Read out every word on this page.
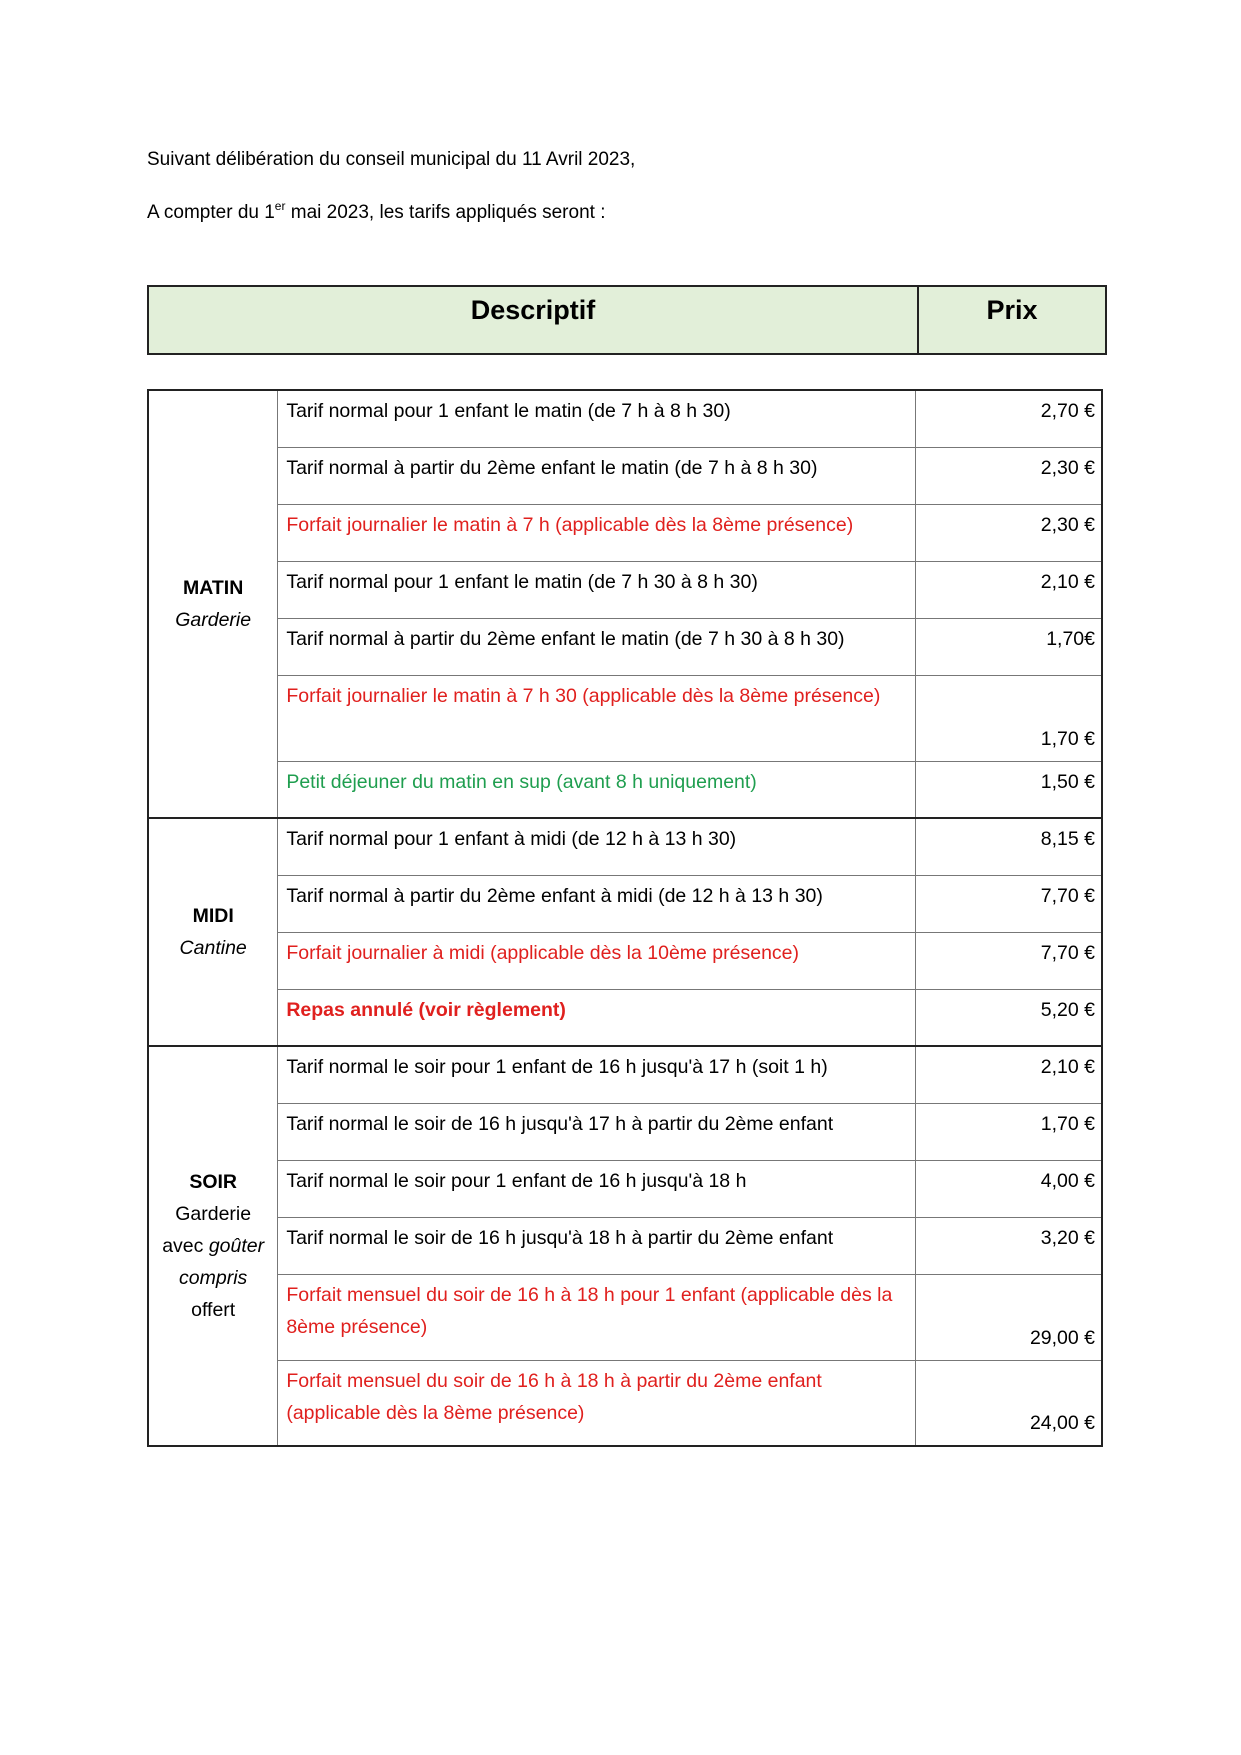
Suivant délibération du conseil municipal du 11 Avril 2023,
A compter du 1er mai 2023, les tarifs appliqués seront :
Descriptif	Prix
MATIN
Garderie	Tarif normal pour 1 enfant le matin (de 7 h à 8 h 30)	2,70 €
	Tarif normal à partir du 2ème enfant le matin (de 7 h à 8 h 30)	2,30 €
	Forfait journalier le matin à 7 h (applicable dès la 8ème présence)	2,30 €
	Tarif normal pour 1 enfant le matin (de 7 h 30 à 8 h 30)	2,10 €
	Tarif normal à partir du 2ème enfant le matin (de 7 h 30 à 8 h 30)	1,70€
	Forfait journalier le matin à 7 h 30 (applicable dès la 8ème présence)	1,70 €
	Petit déjeuner du matin en sup (avant 8 h uniquement)	1,50 €

MIDI
Cantine	Tarif normal pour 1 enfant à midi (de 12 h à 13 h 30)	8,15 €
	Tarif normal à partir du 2ème enfant à midi (de 12 h à 13 h 30)	7,70 €
	Forfait journalier à midi (applicable dès la 10ème présence)	7,70 €
	Repas annulé (voir règlement)	5,20 €

SOIR
Garderie
avec goûter
compris
offert	Tarif normal le soir pour 1 enfant de 16 h jusqu'à 17 h (soit 1 h)	2,10 €
	Tarif normal le soir de 16 h jusqu'à 17 h à partir du 2ème enfant	1,70 €
	Tarif normal le soir pour 1 enfant de 16 h jusqu'à 18 h	4,00 €
	Tarif normal le soir de 16 h jusqu'à 18 h à partir du 2ème enfant	3,20 €
	Forfait mensuel du soir de 16 h à 18 h pour 1 enfant (applicable dès la 8ème présence)	29,00 €
	Forfait mensuel du soir de 16 h à 18 h à partir du 2ème enfant (applicable dès la 8ème présence)	24,00 €
